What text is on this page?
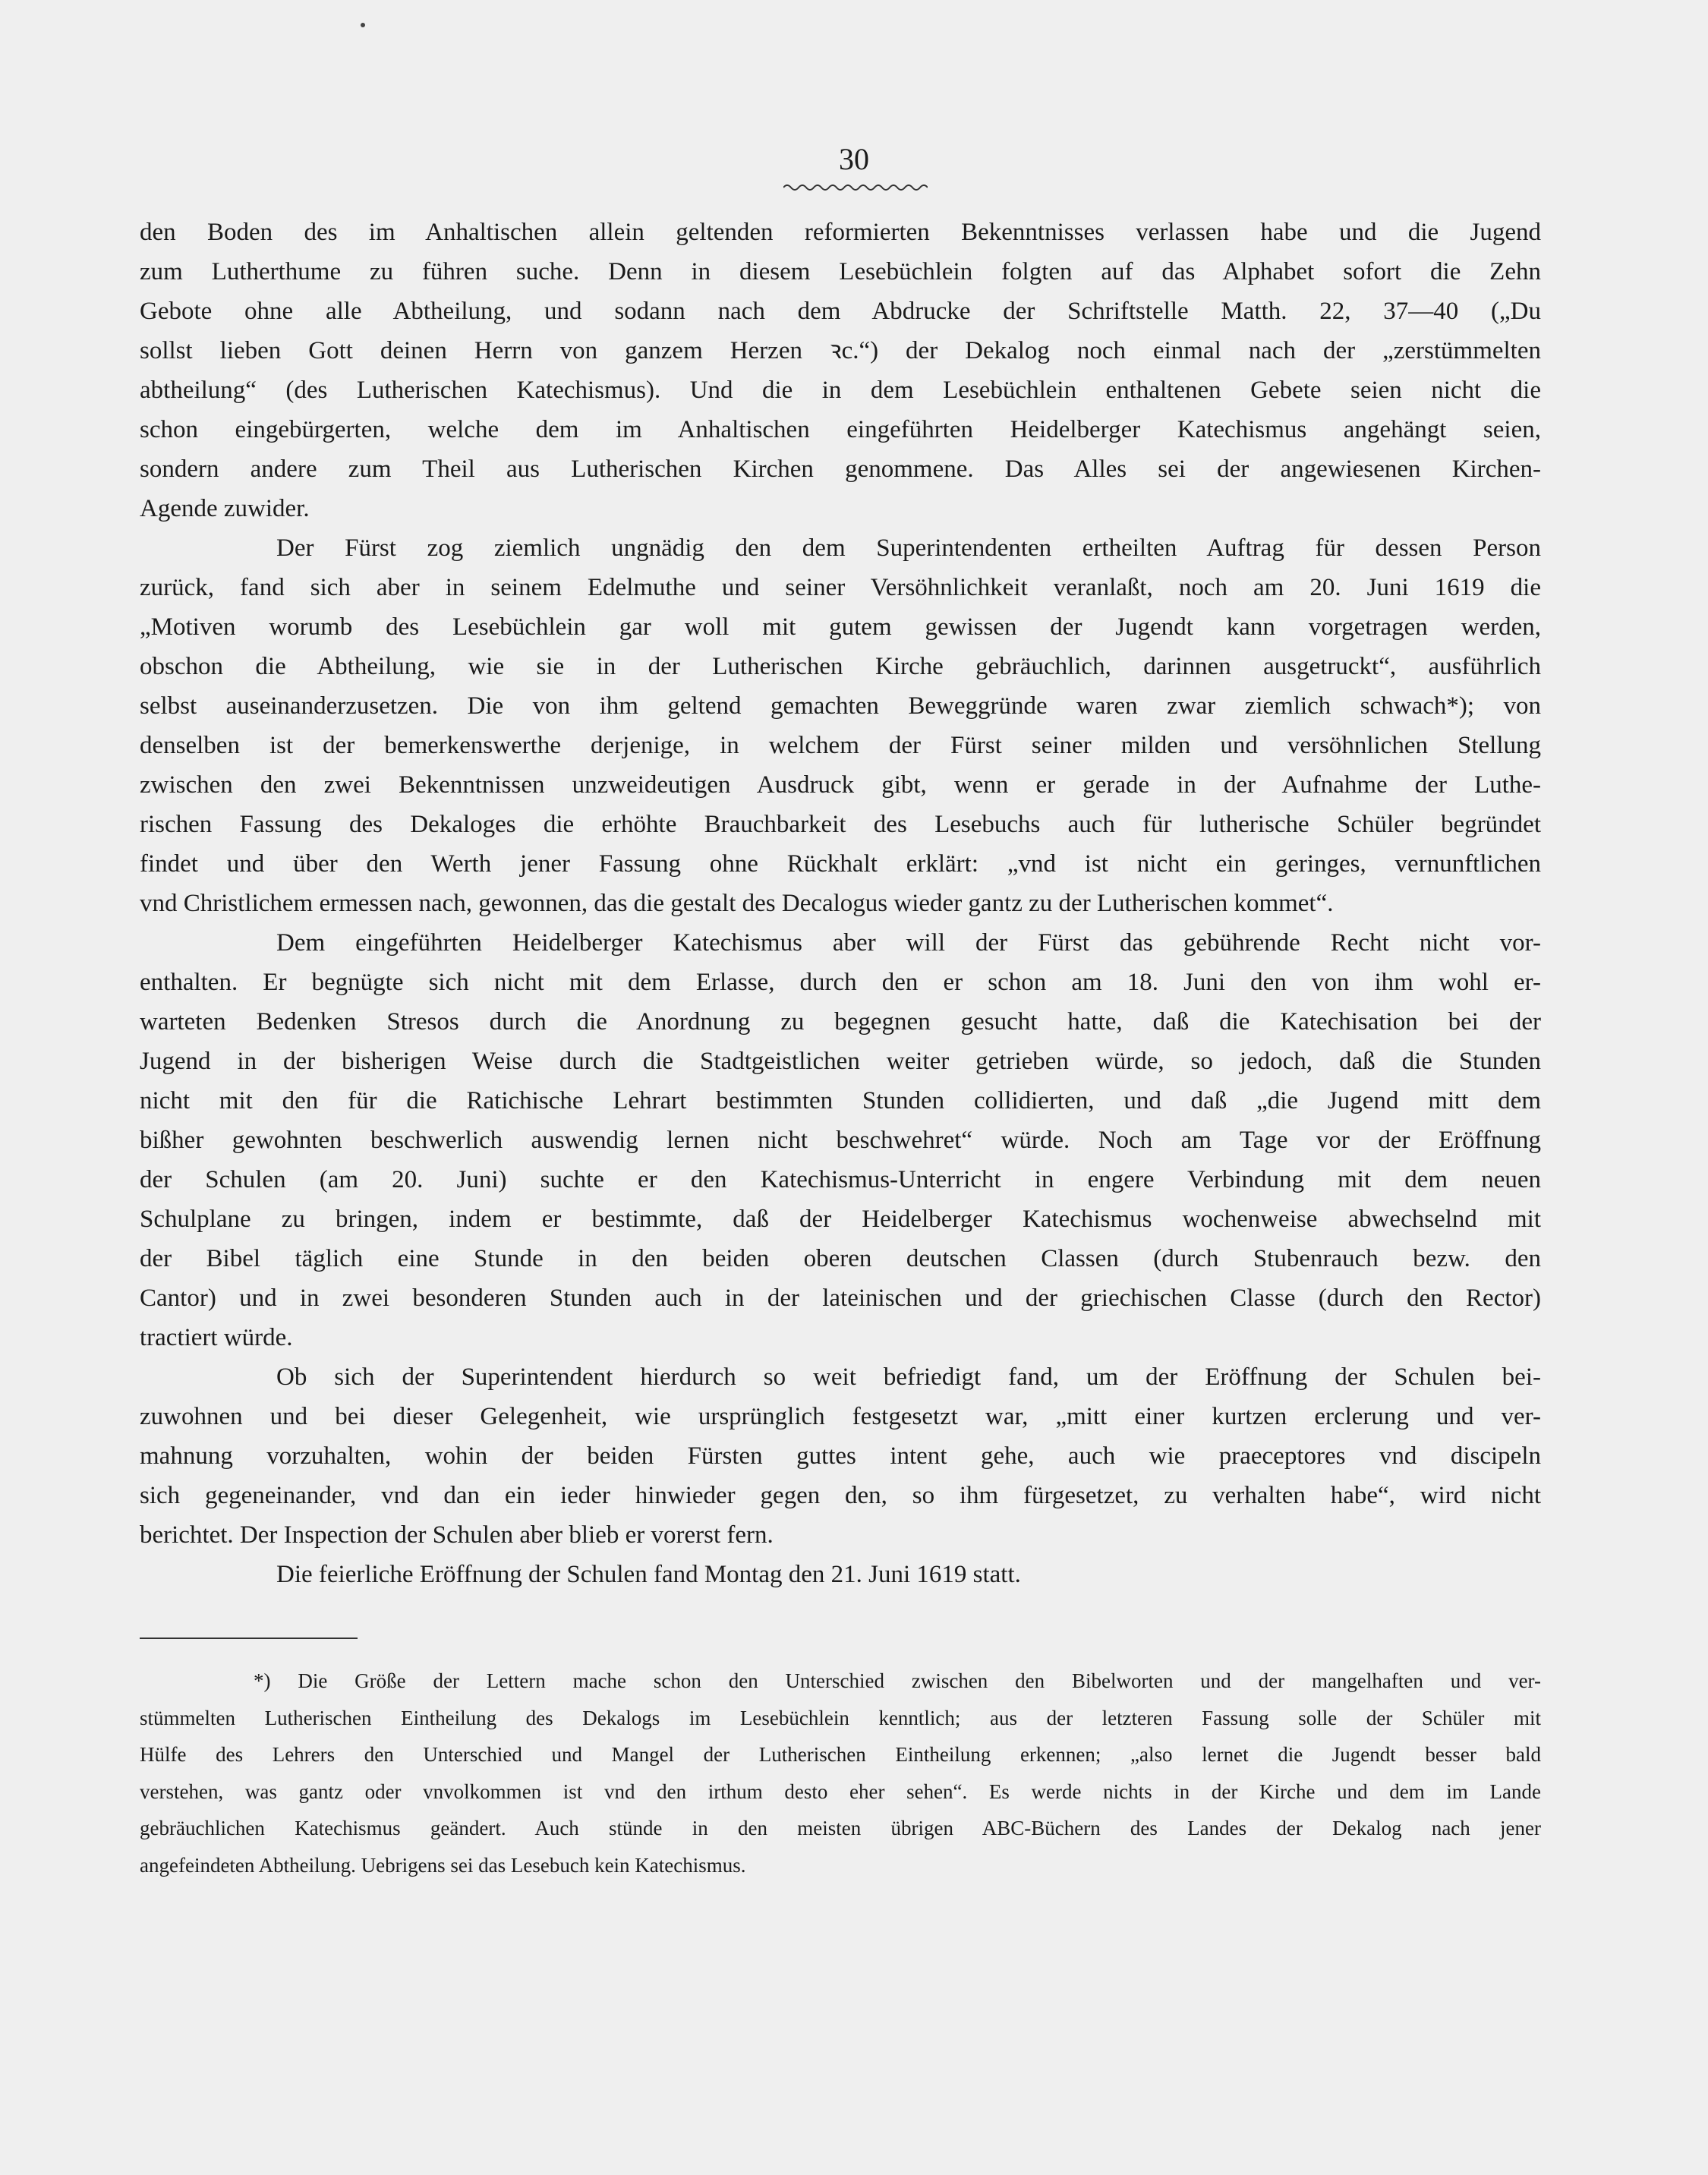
30
den Boden des im Anhaltischen allein geltenden reformierten Bekenntnisses verlassen habe und die Jugend
zum Lutherthume zu führen suche. Denn in diesem Lesebüchlein folgten auf das Alphabet sofort die Zehn
Gebote ohne alle Abtheilung, und sodann nach dem Abdrucke der Schriftstelle Matth. 22, 37—40 („Du
sollst lieben Gott deinen Herrn von ganzem Herzen ꝛc.“) der Dekalog noch einmal nach der „zerstümmelten
abtheilung“ (des Lutherischen Katechismus). Und die in dem Lesebüchlein enthaltenen Gebete seien nicht die
schon eingebürgerten, welche dem im Anhaltischen eingeführten Heidelberger Katechismus angehängt seien,
sondern andere zum Theil aus Lutherischen Kirchen genommene. Das Alles sei der angewiesenen Kirchen-
Agende zuwider.
Der Fürst zog ziemlich ungnädig den dem Superintendenten ertheilten Auftrag für dessen Person
zurück, fand sich aber in seinem Edelmuthe und seiner Versöhnlichkeit veranlaßt, noch am 20. Juni 1619 die
„Motiven worumb des Lesebüchlein gar woll mit gutem gewissen der Jugendt kann vorgetragen werden,
obschon die Abtheilung, wie sie in der Lutherischen Kirche gebräuchlich, darinnen ausgetruckt“, ausführlich
selbst auseinanderzusetzen. Die von ihm geltend gemachten Beweggründe waren zwar ziemlich schwach*); von
denselben ist der bemerkenswerthe derjenige, in welchem der Fürst seiner milden und versöhnlichen Stellung
zwischen den zwei Bekenntnissen unzweideutigen Ausdruck gibt, wenn er gerade in der Aufnahme der Luthe-
rischen Fassung des Dekaloges die erhöhte Brauchbarkeit des Lesebuchs auch für lutherische Schüler begründet
findet und über den Werth jener Fassung ohne Rückhalt erklärt: „vnd ist nicht ein geringes, vernunftlichen
vnd Christlichem ermessen nach, gewonnen, das die gestalt des Decalogus wieder gantz zu der Lutherischen kommet“.
Dem eingeführten Heidelberger Katechismus aber will der Fürst das gebührende Recht nicht vor-
enthalten. Er begnügte sich nicht mit dem Erlasse, durch den er schon am 18. Juni den von ihm wohl er-
warteten Bedenken Stresos durch die Anordnung zu begegnen gesucht hatte, daß die Katechisation bei der
Jugend in der bisherigen Weise durch die Stadtgeistlichen weiter getrieben würde, so jedoch, daß die Stunden
nicht mit den für die Ratichische Lehrart bestimmten Stunden collidierten, und daß „die Jugend mitt dem
bißher gewohnten beschwerlich auswendig lernen nicht beschwehret“ würde. Noch am Tage vor der Eröffnung
der Schulen (am 20. Juni) suchte er den Katechismus-Unterricht in engere Verbindung mit dem neuen
Schulplane zu bringen, indem er bestimmte, daß der Heidelberger Katechismus wochenweise abwechselnd mit
der Bibel täglich eine Stunde in den beiden oberen deutschen Classen (durch Stubenrauch bezw. den
Cantor) und in zwei besonderen Stunden auch in der lateinischen und der griechischen Classe (durch den Rector)
tractiert würde.
Ob sich der Superintendent hierdurch so weit befriedigt fand, um der Eröffnung der Schulen bei-
zuwohnen und bei dieser Gelegenheit, wie ursprünglich festgesetzt war, „mitt einer kurtzen erclerung und ver-
mahnung vorzuhalten, wohin der beiden Fürsten guttes intent gehe, auch wie praeceptores vnd discipeln
sich gegeneinander, vnd dan ein ieder hinwieder gegen den, so ihm fürgesetzet, zu verhalten habe“, wird nicht
berichtet. Der Inspection der Schulen aber blieb er vorerst fern.
Die feierliche Eröffnung der Schulen fand Montag den 21. Juni 1619 statt.
*) Die Größe der Lettern mache schon den Unterschied zwischen den Bibelworten und der mangelhaften und ver-
stümmelten Lutherischen Eintheilung des Dekalogs im Lesebüchlein kenntlich; aus der letzteren Fassung solle der Schüler mit
Hülfe des Lehrers den Unterschied und Mangel der Lutherischen Eintheilung erkennen; „also lernet die Jugendt besser bald
verstehen, was gantz oder vnvolkommen ist vnd den irthum desto eher sehen“. Es werde nichts in der Kirche und dem im Lande
gebräuchlichen Katechismus geändert. Auch stünde in den meisten übrigen ABC-Büchern des Landes der Dekalog nach jener
angefeindeten Abtheilung. Uebrigens sei das Lesebuch kein Katechismus.
